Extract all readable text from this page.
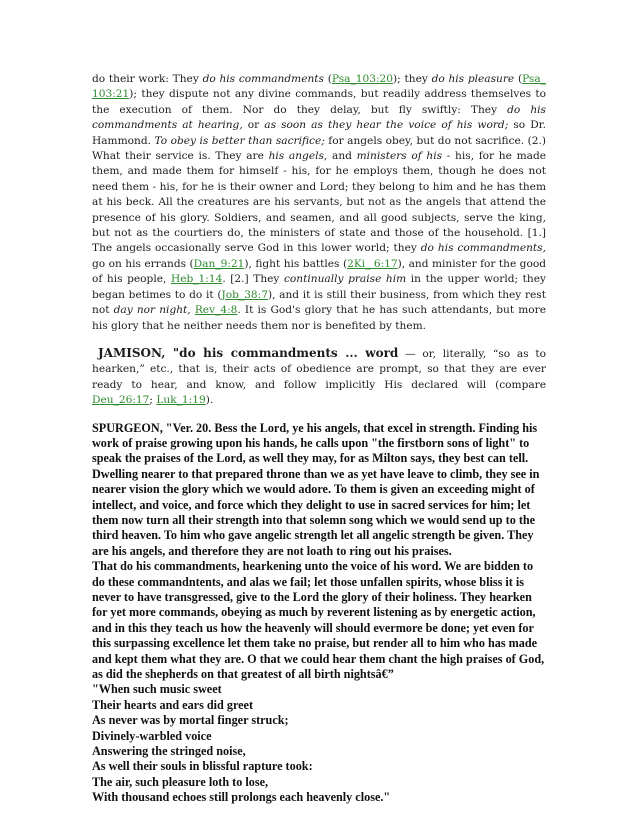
do their work: They do his commandments (Psa_103:20); they do his pleasure (Psa_ 103:21); they dispute not any divine commands, but readily address themselves to the execution of them. Nor do they delay, but fly swiftly: They do his commandments at hearing, or as soon as they hear the voice of his word; so Dr. Hammond. To obey is better than sacrifice; for angels obey, but do not sacrifice. (2.) What their service is. They are his angels, and ministers of his - his, for he made them, and made them for himself - his, for he employs them, though he does not need them - his, for he is their owner and Lord; they belong to him and he has them at his beck. All the creatures are his servants, but not as the angels that attend the presence of his glory. Soldiers, and seamen, and all good subjects, serve the king, but not as the courtiers do, the ministers of state and those of the household. [1.] The angels occasionally serve God in this lower world; they do his commandments, go on his errands (Dan_9:21), fight his battles (2Ki_ 6:17), and minister for the good of his people, Heb_1:14. [2.] They continually praise him in the upper world; they began betimes to do it (Job_38:7), and it is still their business, from which they rest not day nor night, Rev_4:8. It is God's glory that he has such attendants, but more his glory that he neither needs them nor is benefited by them.

JAMISON, "do his commandments ... word — or, literally, “so as to hearken,” etc., that is, their acts of obedience are prompt, so that they are ever ready to hear, and know, and follow implicitly His declared will (compare Deu_26:17; Luk_1:19).

SPURGEON, "Ver. 20. Bess the Lord, ye his angels, that excel in strength. Finding his work of praise growing upon his hands, he calls upon "the firstborn sons of light" to speak the praises of the Lord, as well they may, for as Milton says, they best can tell. Dwelling nearer to that prepared throne than we as yet have leave to climb, they see in nearer vision the glory which we would adore. To them is given an exceeding might of intellect, and voice, and force which they delight to use in sacred services for him; let them now turn all their strength into that solemn song which we would send up to the third heaven. To him who gave angelic strength let all angelic strength be given. They are his angels, and therefore they are not loath to ring out his praises.
That do his commandments, hearkening unto the voice of his word. We are bidden to do these commandntents, and alas we fail; let those unfallen spirits, whose bliss it is never to have transgressed, give to the Lord the glory of their holiness. They hearken for yet more commands, obeying as much by reverent listening as by energetic action, and in this they teach us how the heavenly will should evermore be done; yet even for this surpassing excellence let them take no praise, but render all to him who has made and kept them what they are. O that we could hear them chant the high praises of God, as did the shepherds on that greatest of all birth nightsâ€”
"When such music sweet
Their hearts and ears did greet
As never was by mortal finger struck;
Divinely-warbled voice
Answering the stringed noise,
As well their souls in blissful rapture took:
The air, such pleasure loth to lose,
With thousand echoes still prolongs each heavenly close."
